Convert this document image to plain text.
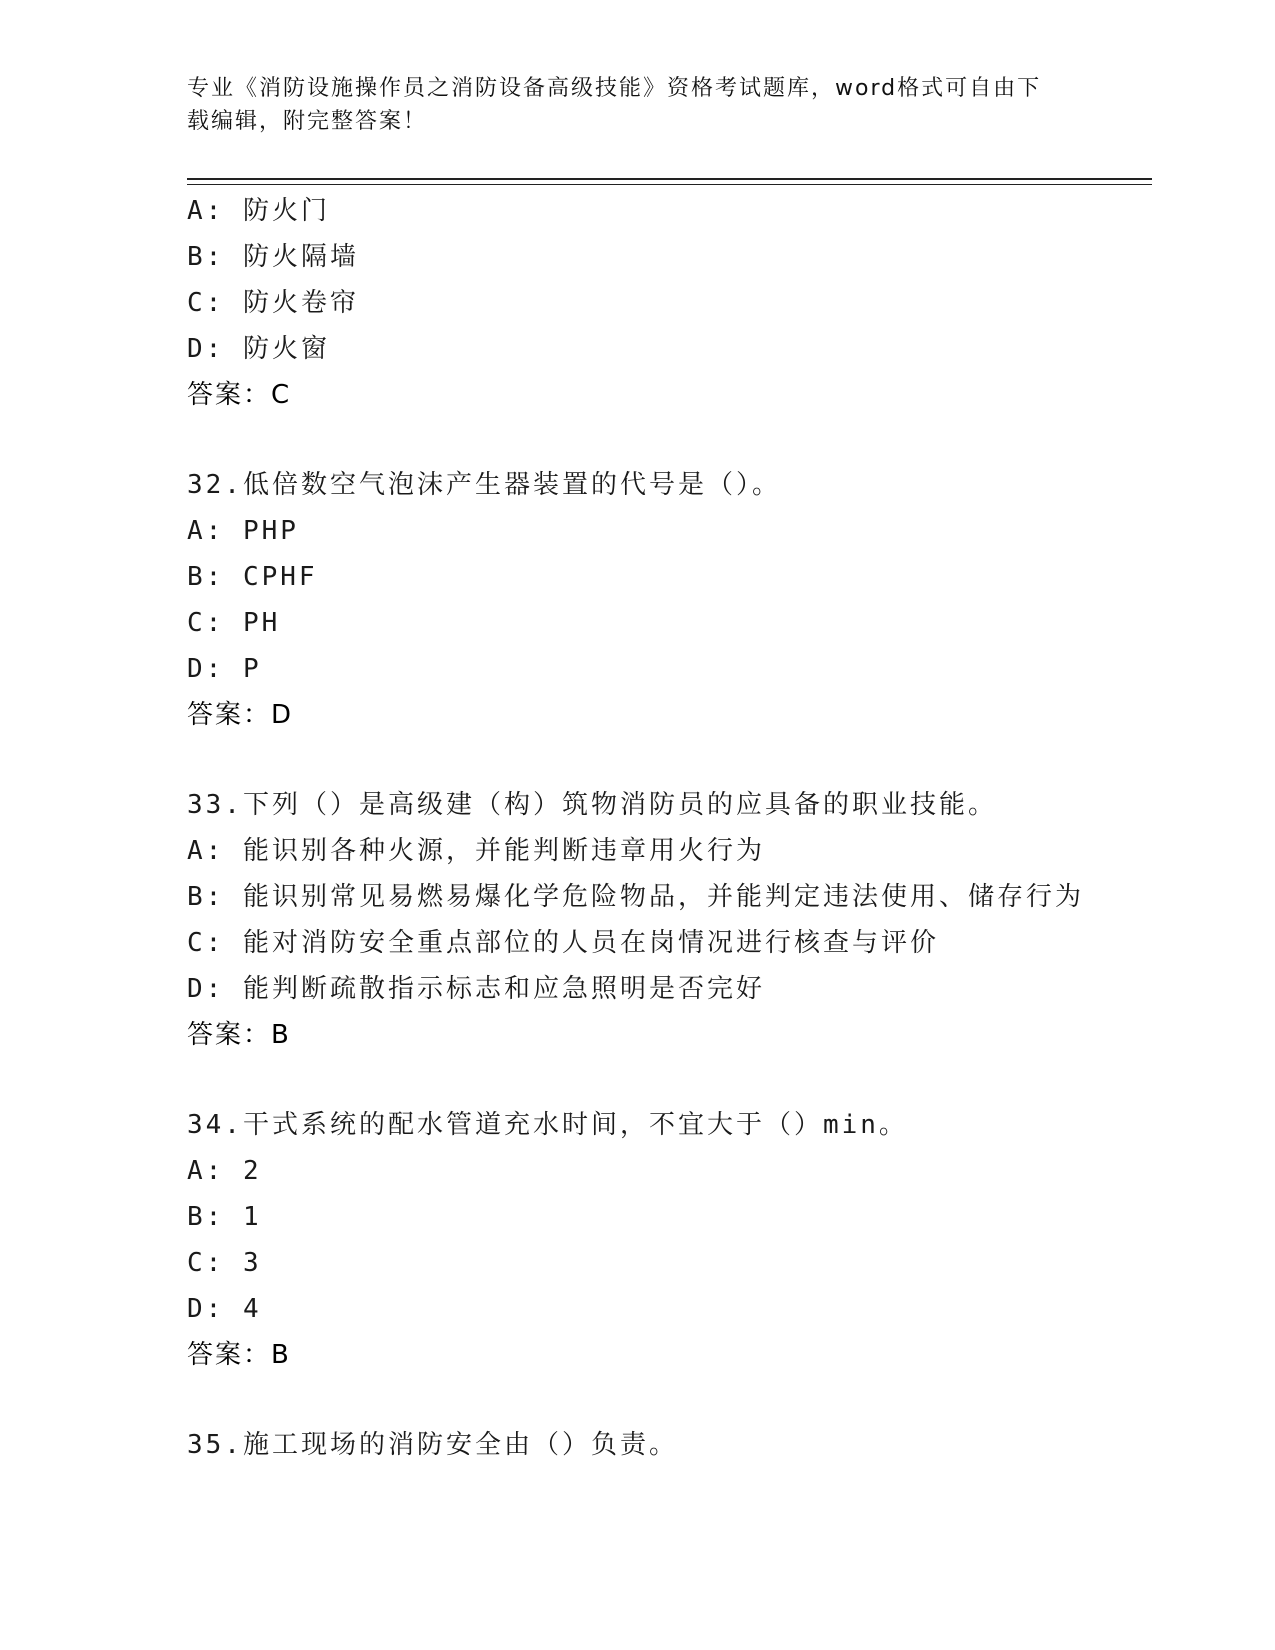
专业《消防设施操作员之消防设备高级技能》资格考试题库，word格式可自由下
载编辑，附完整答案！
A: 防火门
B: 防火隔墙
C: 防火卷帘
D: 防火窗
答案：C
32.低倍数空气泡沫产生器装置的代号是（）。
A: PHP
B: CPHF
C: PH
D: P
答案：D
33.下列（）是高级建（构）筑物消防员的应具备的职业技能。
A: 能识别各种火源，并能判断违章用火行为
B: 能识别常见易燃易爆化学危险物品，并能判定违法使用、储存行为
C: 能对消防安全重点部位的人员在岗情况进行核查与评价
D: 能判断疏散指示标志和应急照明是否完好
答案：B
34.干式系统的配水管道充水时间，不宜大于（）min。
A: 2
B: 1
C: 3
D: 4
答案：B
35.施工现场的消防安全由（）负责。
